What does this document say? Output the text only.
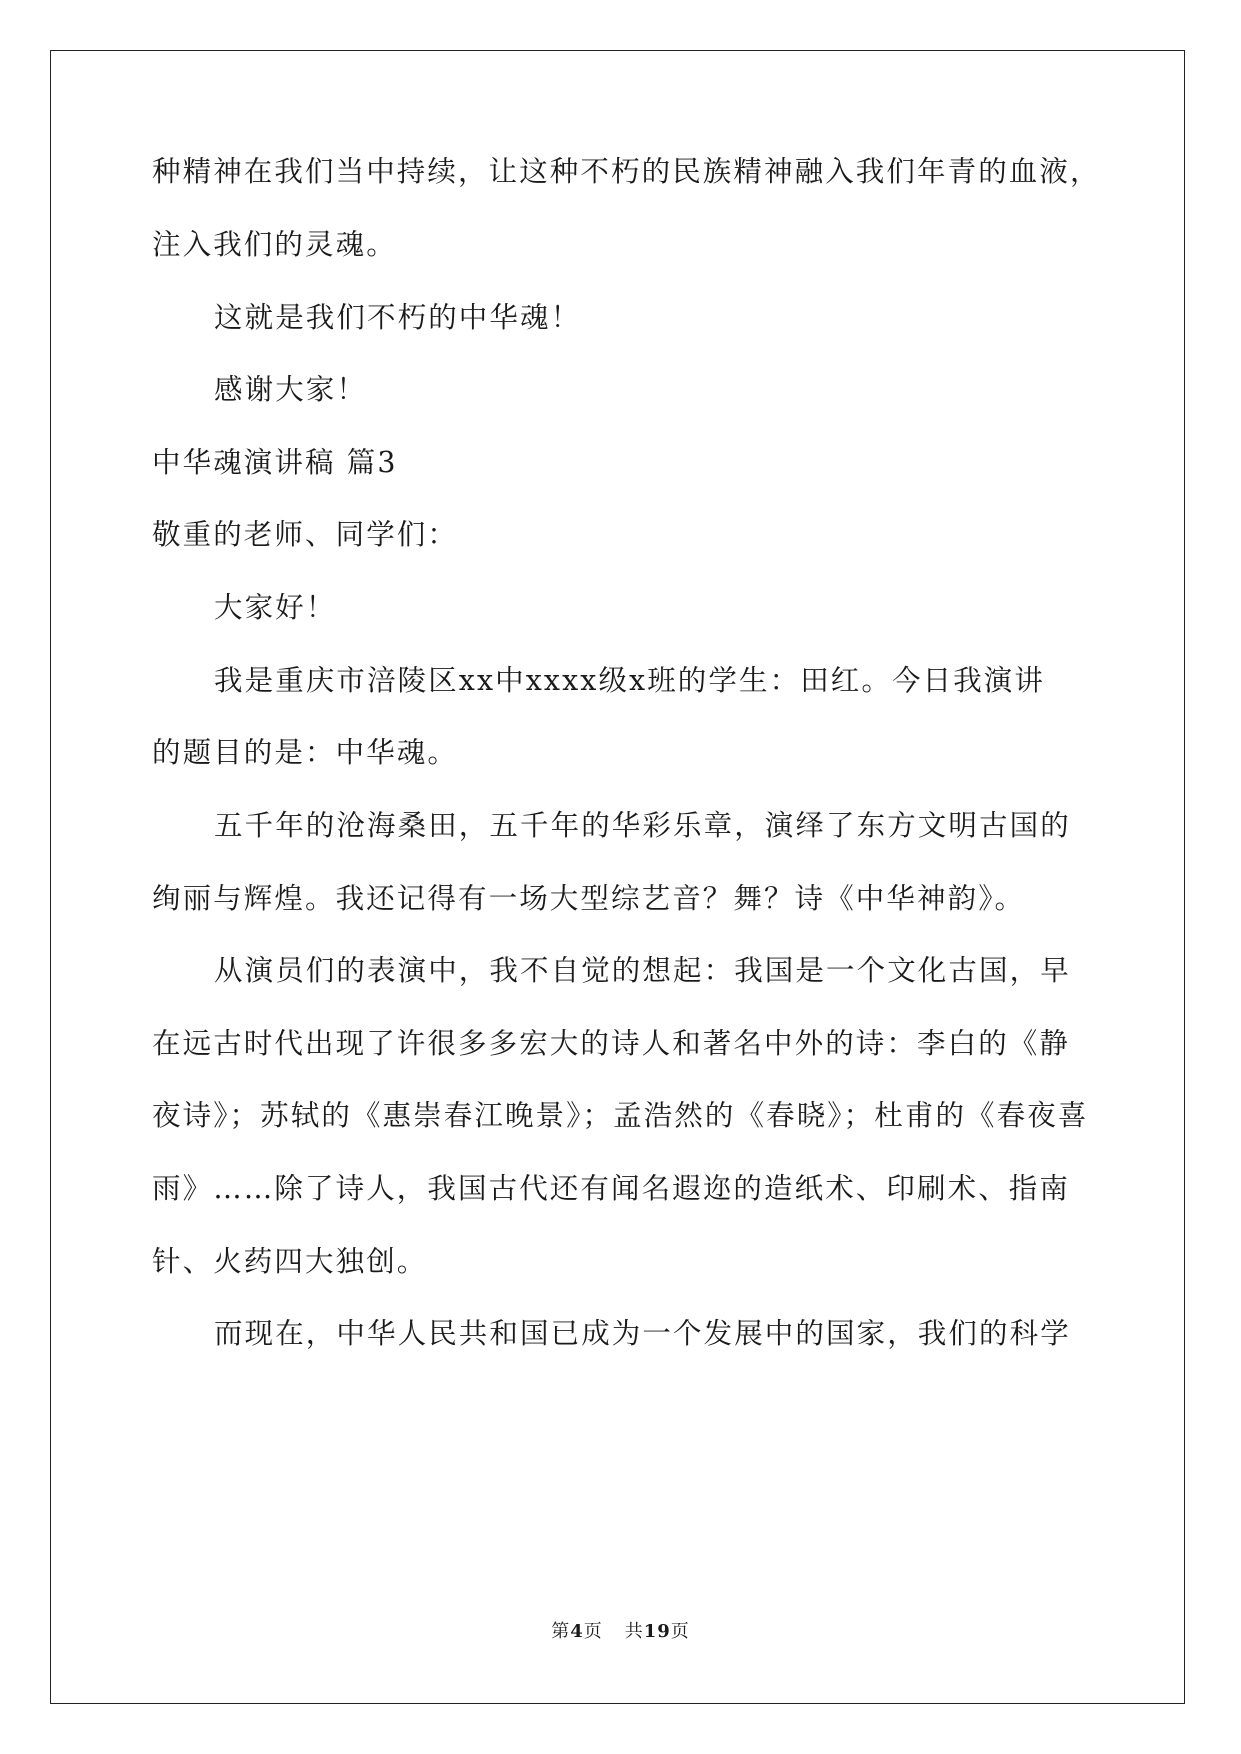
种精神在我们当中持续，让这种不朽的民族精神融入我们年青的血液，
注入我们的灵魂。
这就是我们不朽的中华魂！
感谢大家！
中华魂演讲稿 篇3
敬重的老师、同学们：
大家好！
我是重庆市涪陵区xx中xxxx级x班的学生：田红。今日我演讲
的题目的是：中华魂。
五千年的沧海桑田，五千年的华彩乐章，演绎了东方文明古国的
绚丽与辉煌。我还记得有一场大型综艺音？舞？诗《中华神韵》。
从演员们的表演中，我不自觉的想起：我国是一个文化古国，早
在远古时代出现了许很多多宏大的诗人和著名中外的诗：李白的《静
夜诗》；苏轼的《惠崇春江晚景》；孟浩然的《春晓》；杜甫的《春夜喜
雨》……除了诗人，我国古代还有闻名遐迩的造纸术、印刷术、指南
针、火药四大独创。
而现在，中华人民共和国已成为一个发展中的国家，我们的科学
第4页 共19页
